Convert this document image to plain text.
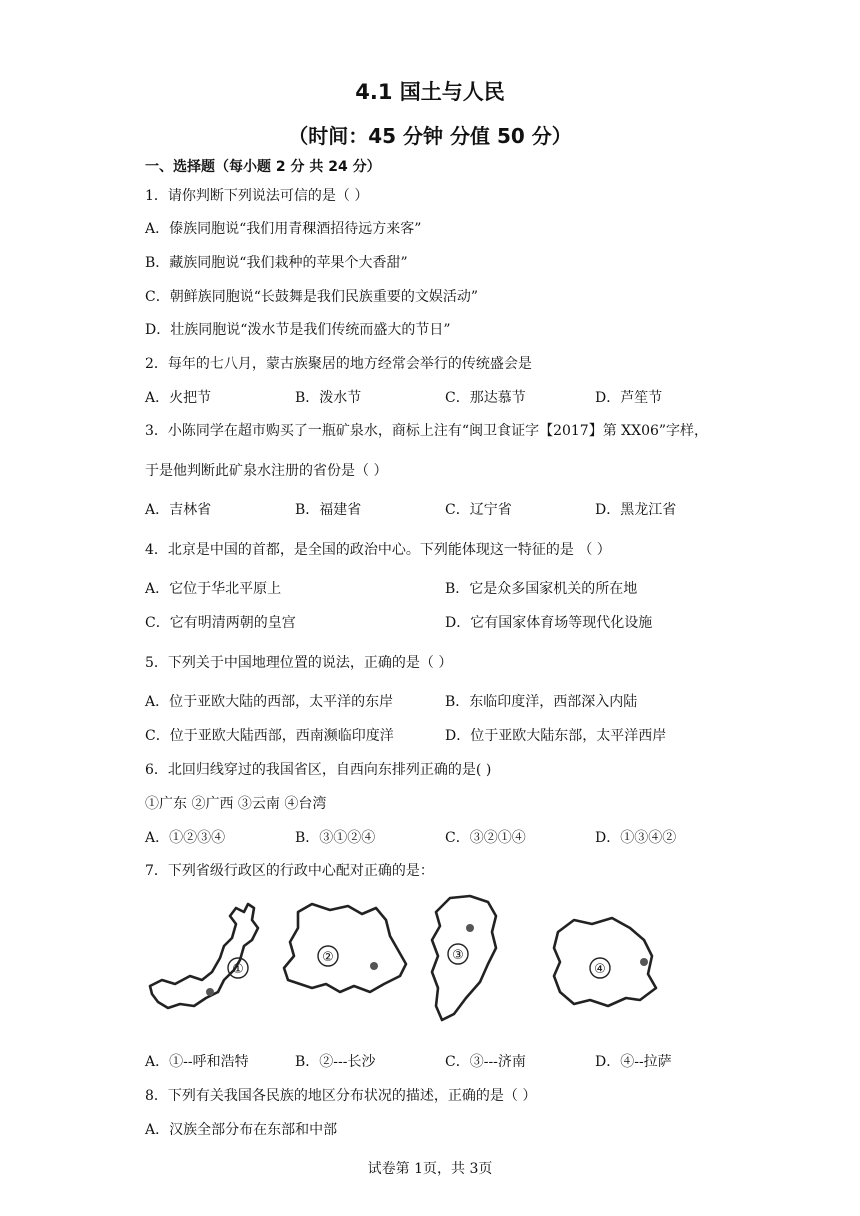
4.1 国土与人民
（时间：45 分钟 分值 50 分）
一、选择题（每小题 2 分 共 24 分）
1．请你判断下列说法可信的是（ ）
A．傣族同胞说“我们用青稞酒招待远方来客”
B．藏族同胞说“我们栽种的苹果个大香甜”
C．朝鲜族同胞说“长鼓舞是我们民族重要的文娱活动”
D．壮族同胞说“泼水节是我们传统而盛大的节日”
2．每年的七八月，蒙古族聚居的地方经常会举行的传统盛会是
A．火把节	B．泼水节	C．那达慕节	D．芦笙节
3．小陈同学在超市购买了一瓶矿泉水，商标上注有“闽卫食证字【2017】第 XX06”字样，
于是他判断此矿泉水注册的省份是（ ）
A．吉林省	B．福建省	C．辽宁省	D．黑龙江省
4．北京是中国的首都，是全国的政治中心。下列能体现这一特征的是 （ ）
A．它位于华北平原上	B．它是众多国家机关的所在地
C．它有明清两朝的皇宫	D．它有国家体育场等现代化设施
5．下列关于中国地理位置的说法，正确的是（ ）
A．位于亚欧大陆的西部，太平洋的东岸	B．东临印度洋，西部深入内陆
C．位于亚欧大陆西部，西南濒临印度洋	D．位于亚欧大陆东部，太平洋西岸
6．北回归线穿过的我国省区，自西向东排列正确的是( )
①广东 ②广西 ③云南 ④台湾
A．①②③④	B．③①②④	C．③②①④	D．①③④②
7．下列省级行政区的行政中心配对正确的是：
①
②	③
④
A．①--呼和浩特	B．②---长沙	C．③---济南	D．④--拉萨
8．下列有关我国各民族的地区分布状况的描述，正确的是（ ）
A．汉族全部分布在东部和中部
试卷第 1页，共 3页
